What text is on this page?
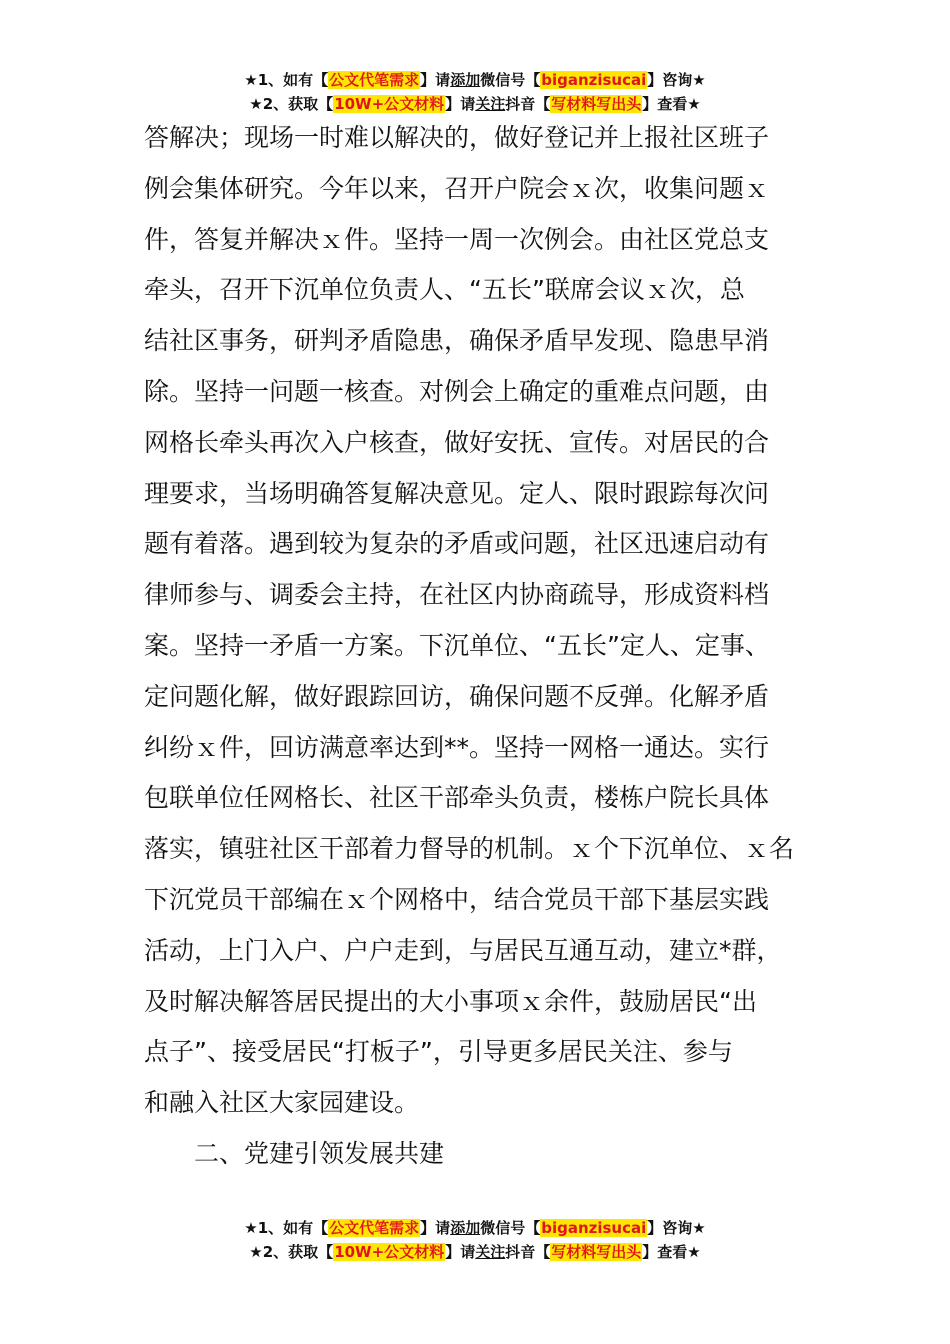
★1、如有【公文代笔需求】请添加微信号【biganzisucai】咨询★
★2、获取【10W+公文材料】请关注抖音【写材料写出头】查看★
答解决；现场一时难以解决的，做好登记并上报社区班子
例会集体研究。今年以来，召开户院会ｘ次，收集问题ｘ
件，答复并解决ｘ件。坚持一周一次例会。由社区党总支
牵头，召开下沉单位负责人、“五长”联席会议ｘ次，总
结社区事务，研判矛盾隐患，确保矛盾早发现、隐患早消
除。坚持一问题一核查。对例会上确定的重难点问题，由
网格长牵头再次入户核查，做好安抚、宣传。对居民的合
理要求，当场明确答复解决意见。定人、限时跟踪每次问
题有着落。遇到较为复杂的矛盾或问题，社区迅速启动有
律师参与、调委会主持，在社区内协商疏导，形成资料档
案。坚持一矛盾一方案。下沉单位、“五长”定人、定事、
定问题化解，做好跟踪回访，确保问题不反弹。化解矛盾
纠纷ｘ件，回访满意率达到**。坚持一网格一通达。实行
包联单位任网格长、社区干部牵头负责，楼栋户院长具体
落实，镇驻社区干部着力督导的机制。ｘ个下沉单位、ｘ名
下沉党员干部编在ｘ个网格中，结合党员干部下基层实践
活动，上门入户、户户走到，与居民互通互动，建立*群，
及时解决解答居民提出的大小事项ｘ余件，鼓励居民“出
点子”、接受居民“打板子”，引导更多居民关注、参与
和融入社区大家园建设。
二、党建引领发展共建
★1、如有【公文代笔需求】请添加微信号【biganzisucai】咨询★
★2、获取【10W+公文材料】请关注抖音【写材料写出头】查看★
